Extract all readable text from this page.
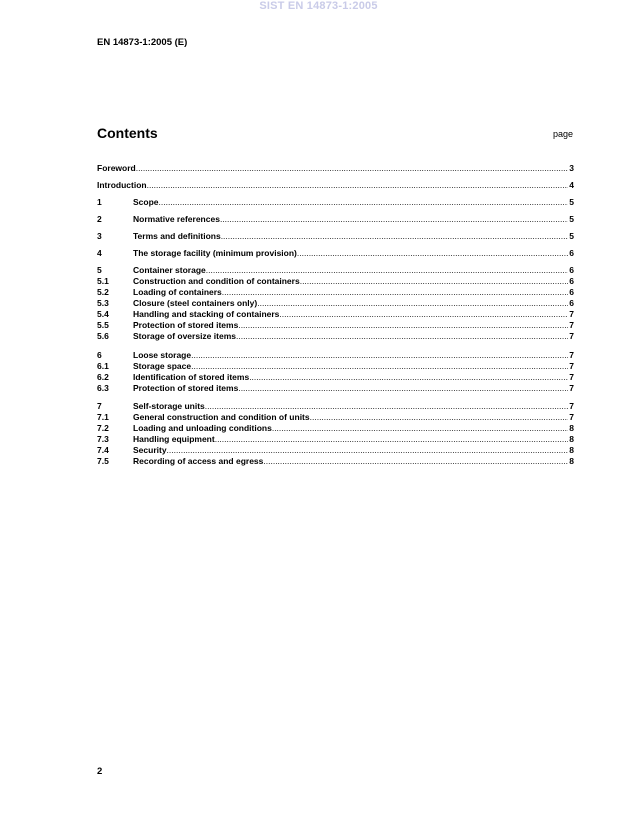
SIST EN 14873-1:2005
EN 14873-1:2005 (E)
Contents	page
Foreword .....	3
Introduction .....	4
1	Scope .....	5
2	Normative references .....	5
3	Terms and definitions .....	5
4	The storage facility (minimum provision) .....	6
5	Container storage .....	6
5.1	Construction and condition of containers .....	6
5.2	Loading of containers .....	6
5.3	Closure (steel containers only) .....	6
5.4	Handling and stacking of containers .....	7
5.5	Protection of stored items .....	7
5.6	Storage of oversize items .....	7
6	Loose storage .....	7
6.1	Storage space .....	7
6.2	Identification of stored items .....	7
6.3	Protection of stored items .....	7
7	Self-storage units .....	7
7.1	General construction and condition of units .....	7
7.2	Loading and unloading conditions .....	8
7.3	Handling equipment .....	8
7.4	Security .....	8
7.5	Recording of access and egress .....	8
2
